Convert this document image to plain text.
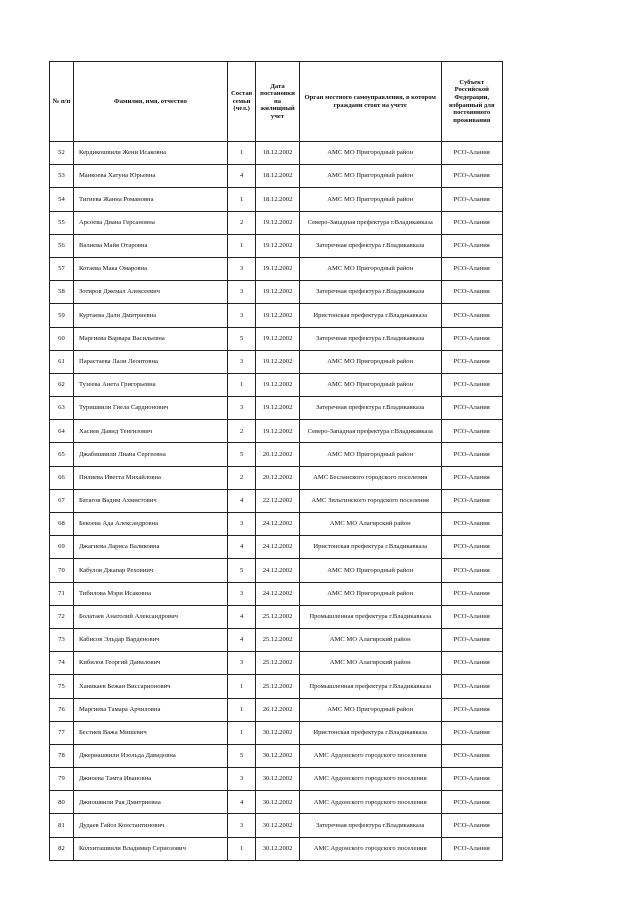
№ п/п	Фамилия, имя, отчество	Состав семьи (чел.)	Дата постановки на жилищный учет	Орган местного самоуправления, в котором граждани стоят на учете	Субъект Российской Федерации, избранный для постоянного проживания
52	Кердикошвили Жени Исаковна	1	18.12.2002	АМС МО Пригородный район	РСО-Алания
53	Манкоева Хатуна Юрьевна	4	18.12.2002	АМС МО Пригородный район	РСО-Алания
54	Тигиева Жанна Романовна	1	18.12.2002	АМС МО Пригородный район	РСО-Алания
55	Арсоева Диана Герсановна	2	19.12.2002	Северо-Западная префектура г.Владикавказа	РСО-Алания
56	Валиева Майя Отаровна	1	19.12.2002	Затеречная префектура г.Владикавказа	РСО-Алания
57	Котаева Мака Омаровна	3	19.12.2002	АМС МО Пригородный район	РСО-Алания
58	Зотиров Джемал Алексеевич	3	19.12.2002	Затеречная префектура г.Владикавказа	РСО-Алания
59	Куртаева Дали Дмитриевна	3	19.12.2002	Иристонская префектура г.Владикавказа	РСО-Алания
60	Маргиева Варвара Васильевна	5	19.12.2002	Затеречная префектура г.Владикавказа	РСО-Алания
61	Парастаева Лали Леонтовна	3	19.12.2002	АМС МО Пригородный район	РСО-Алания
62	Тузеева Анета Григорьевна	1	19.12.2002	АМС МО Пригородный район	РСО-Алания
63	Туришвили Гиела Сардионович	3	19.12.2002	Затеречная префектура г.Владикавказа	РСО-Алания
64	Хасиев Давид Тенгизович	2	19.12.2002	Северо-Западная префектура г.Владикавказа	РСО-Алания
65	Джабишвили Лиана Сергеевна	5	20.12.2002	АМС МО Пригородный район	РСО-Алания
66	Пилиева Иветта Михайловна	2	20.12.2002	АМС Бесланского городского поселения	РСО-Алания
67	Батагов Вадим Ахмистович	4	22.12.2002	АМС Зильгинского городского поселения	РСО-Алания
68	Бекоева Ада Александровна	3	24.12.2002	АМС МО Алагирский район	РСО-Алания
69	Джагиева Лариса Валиковна	4	24.12.2002	Иристонская префектура г.Владикавказа	РСО-Алания
70	Кабулов Джапар Реховиич	5	24.12.2002	АМС МО Пригородный район	РСО-Алания
71	Тибилова Мэри Исаковна	3	24.12.2002	АМС МО Пригородный район	РСО-Алания
72	Болатаев Анатолий Александрович	4	25.12.2002	Промышленная префектура г.Владикавказа	РСО-Алания
73	Кабисов Эльдар Варденович	4	25.12.2002	АМС МО Алагирский район	РСО-Алания
74	Кибилов Георгий Данилович	3	25.12.2002	АМС МО Алагирский район	РСО-Алания
75	Ханикаев Бежан Виссарионович	1	25.12.2002	Промышленная префектура г.Владикавказа	РСО-Алания
76	Маргиева Тамара Арчиловна	1	26.12.2002	АМС МО Пригородный район	РСО-Алания
77	Бестиев Важа Мишевич	1	30.12.2002	Иристонская префектура г.Владикавказа	РСО-Алания
78	Джериашвили Изольда Давидовна	5	30.12.2002	АМС Ардонского городского поселения	РСО-Алания
79	Джиоева Тамта Ивановна	3	30.12.2002	АМС Ардонского городского поселения	РСО-Алания
80	Джиошвили Рая Дмитриевна	4	30.12.2002	АМС Ардонского городского поселения	РСО-Алания
81	Дудаев Гайоз Константинович	3	30.12.2002	Затеречная префектура г.Владикавказа	РСО-Алания
82	Колхиташвили Владимир Сериозович	1	30.12.2002	АМС Ардонского городского поселения	РСО-Алания
